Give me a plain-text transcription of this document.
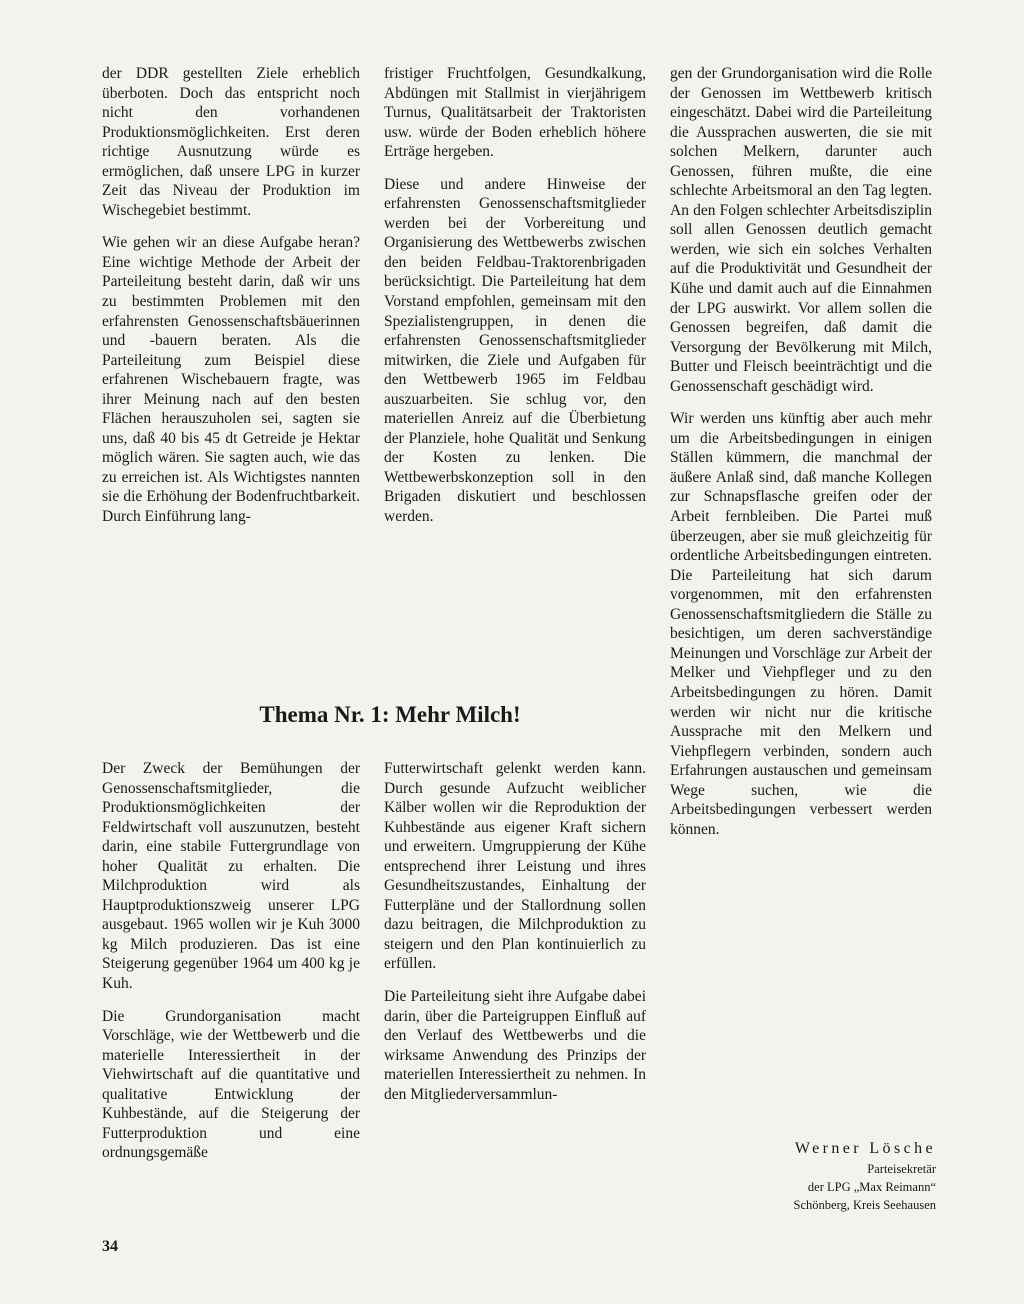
der DDR gestellten Ziele erheblich überboten. Doch das entspricht noch nicht den vorhandenen Produktionsmöglichkeiten. Erst deren richtige Ausnutzung würde es ermöglichen, daß unsere LPG in kurzer Zeit das Niveau der Produktion im Wischegebiet bestimmt.

Wie gehen wir an diese Aufgabe heran? Eine wichtige Methode der Arbeit der Parteileitung besteht darin, daß wir uns zu bestimmten Problemen mit den erfahrensten Genossenschaftsbäuerinnen und -bauern beraten. Als die Parteileitung zum Beispiel diese erfahrenen Wischebauern fragte, was ihrer Meinung nach auf den besten Flächen herauszuholen sei, sagten sie uns, daß 40 bis 45 dt Getreide je Hektar möglich wären. Sie sagten auch, wie das zu erreichen ist. Als Wichtigstes nannten sie die Erhöhung der Bodenfruchtbarkeit. Durch Einführung lang-

fristiger Fruchtfolgen, Gesundkalkung, Abdüngen mit Stallmist in vierjährigem Turnus, Qualitätsarbeit der Traktoristen usw. würde der Boden erheblich höhere Erträge hergeben.

Diese und andere Hinweise der erfahrensten Genossenschaftsmitglieder werden bei der Vorbereitung und Organisierung des Wettbewerbs zwischen den beiden Feldbau-Traktorenbrigaden berücksichtigt. Die Parteileitung hat dem Vorstand empfohlen, gemeinsam mit den Spezialistengruppen, in denen die erfahrensten Genossenschaftsmitglieder mitwirken, die Ziele und Aufgaben für den Wettbewerb 1965 im Feldbau auszuarbeiten. Sie schlug vor, den materiellen Anreiz auf die Überbietung der Planziele, hohe Qualität und Senkung der Kosten zu lenken. Die Wettbewerbskonzeption soll in den Brigaden diskutiert und beschlossen werden.

gen der Grundorganisation wird die Rolle der Genossen im Wettbewerb kritisch eingeschätzt. Dabei wird die Parteileitung die Aussprachen auswerten, die sie mit solchen Melkern, darunter auch Genossen, führen mußte, die eine schlechte Arbeitsmoral an den Tag legten. An den Folgen schlechter Arbeitsdisziplin soll allen Genossen deutlich gemacht werden, wie sich ein solches Verhalten auf die Produktivität und Gesundheit der Kühe und damit auch auf die Einnahmen der LPG auswirkt. Vor allem sollen die Genossen begreifen, daß damit die Versorgung der Bevölkerung mit Milch, Butter und Fleisch beeinträchtigt und die Genossenschaft geschädigt wird.

Wir werden uns künftig aber auch mehr um die Arbeitsbedingungen in einigen Ställen kümmern, die manchmal der äußere Anlaß sind, daß manche Kollegen zur Schnapsflasche greifen oder der Arbeit fernbleiben. Die Partei muß überzeugen, aber sie muß gleichzeitig für ordentliche Arbeitsbedingungen eintreten. Die Parteileitung hat sich darum vorgenommen, mit den erfahrensten Genossenschaftsmitgliedern die Ställe zu besichtigen, um deren sachverständige Meinungen und Vorschläge zur Arbeit der Melker und Viehpfleger und zu den Arbeitsbedingungen zu hören. Damit werden wir nicht nur die kritische Aussprache mit den Melkern und Viehpflegern verbinden, sondern auch Erfahrungen austauschen und gemeinsam Wege suchen, wie die Arbeitsbedingungen verbessert werden können.

Thema Nr. 1: Mehr Milch!

Der Zweck der Bemühungen der Genossenschaftsmitglieder, die Produktionsmöglichkeiten der Feldwirtschaft voll auszunutzen, besteht darin, eine stabile Futtergrundlage von hoher Qualität zu erhalten. Die Milchproduktion wird als Hauptproduktionszweig unserer LPG ausgebaut. 1965 wollen wir je Kuh 3000 kg Milch produzieren. Das ist eine Steigerung gegenüber 1964 um 400 kg je Kuh.

Die Grundorganisation macht Vorschläge, wie der Wettbewerb und die materielle Interessiertheit in der Viehwirtschaft auf die quantitative und qualitative Entwicklung der Kuhbestände, auf die Steigerung der Futterproduktion und eine ordnungsgemäße

Futterwirtschaft gelenkt werden kann. Durch gesunde Aufzucht weiblicher Kälber wollen wir die Reproduktion der Kuhbestände aus eigener Kraft sichern und erweitern. Umgruppierung der Kühe entsprechend ihrer Leistung und ihres Gesundheitszustandes, Einhaltung der Futterpläne und der Stallordnung sollen dazu beitragen, die Milchproduktion zu steigern und den Plan kontinuierlich zu erfüllen.

Die Parteileitung sieht ihre Aufgabe dabei darin, über die Parteigruppen Einfluß auf den Verlauf des Wettbewerbs und die wirksame Anwendung des Prinzips der materiellen Interessiertheit zu nehmen. In den Mitgliederversammlun-

Werner Lösche
Parteisekretär
der LPG „Max Reimann“
Schönberg, Kreis Seehausen
34
